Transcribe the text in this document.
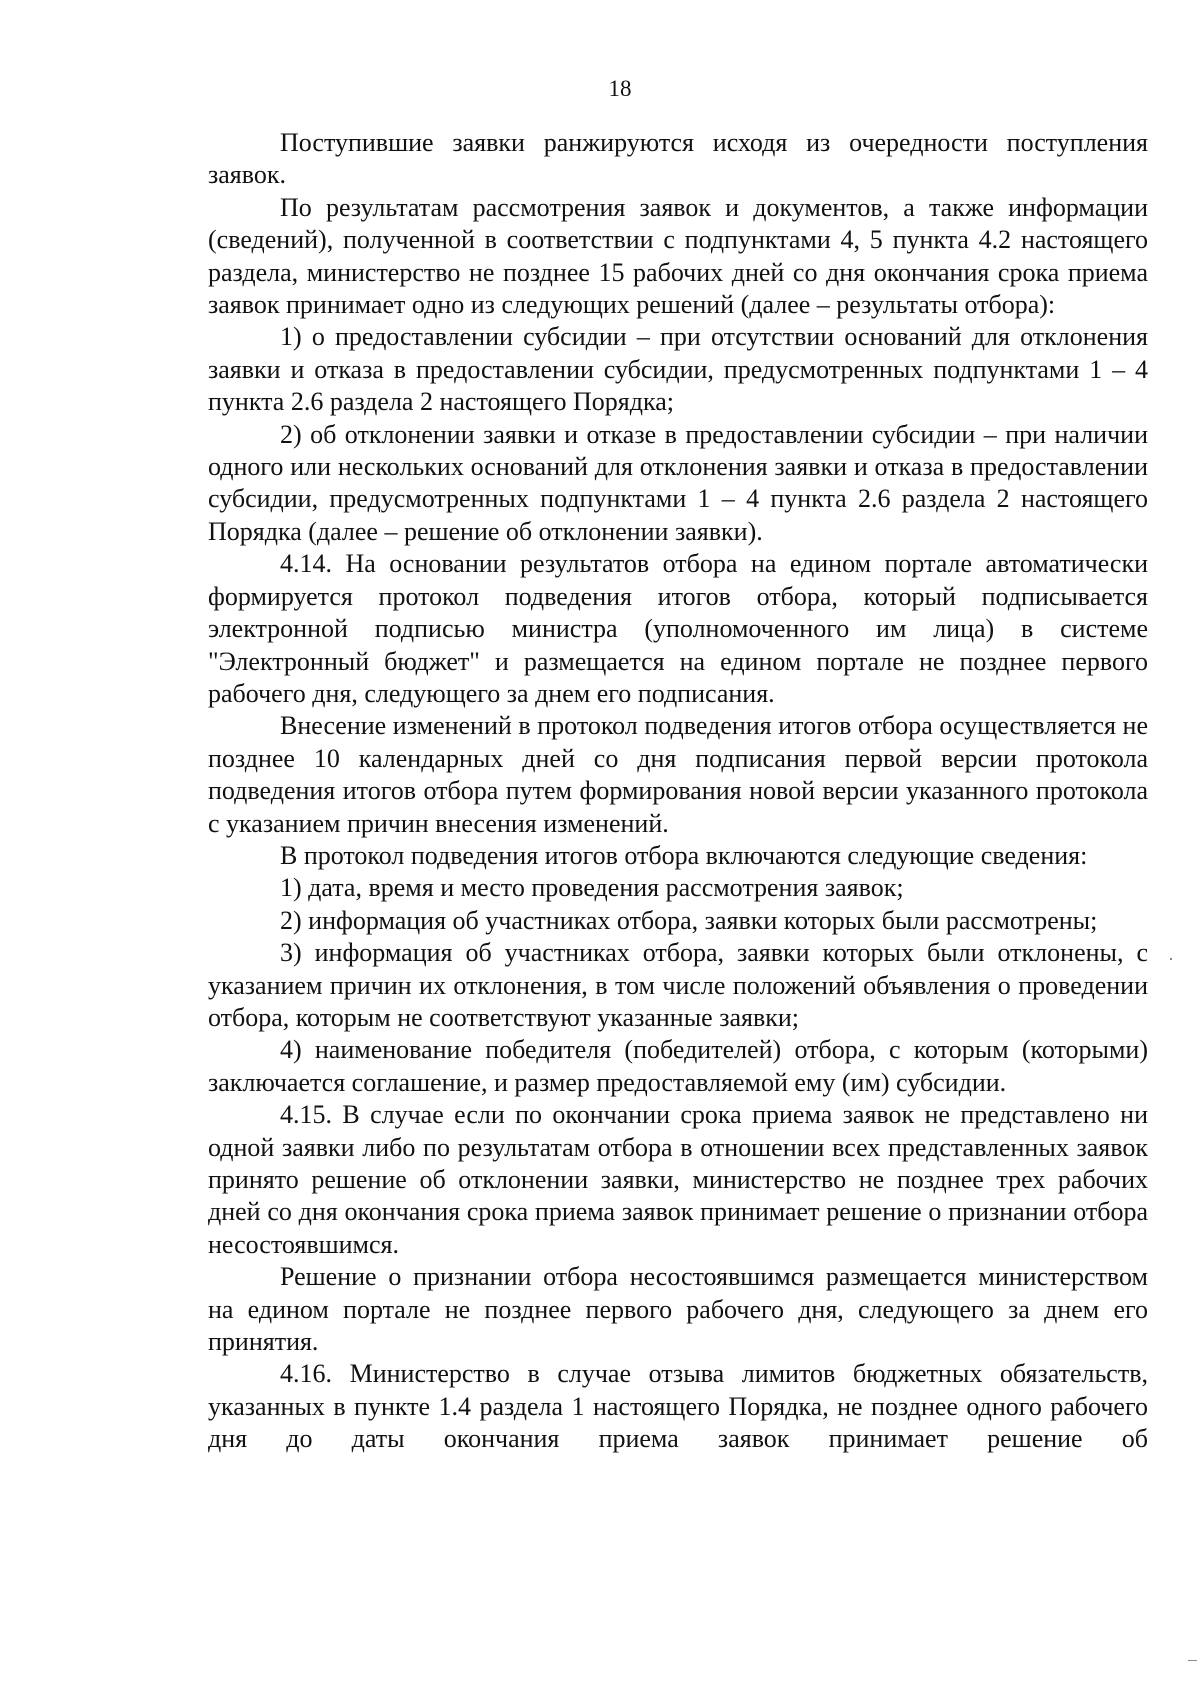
18

Поступившие заявки ранжируются исходя из очередности поступления заявок.

По результатам рассмотрения заявок и документов, а также информации (сведений), полученной в соответствии с подпунктами 4, 5 пункта 4.2 настоящего раздела, министерство не позднее 15 рабочих дней со дня окончания срока приема заявок принимает одно из следующих решений (далее – результаты отбора):

1) о предоставлении субсидии – при отсутствии оснований для отклонения заявки и отказа в предоставлении субсидии, предусмотренных подпунктами 1 – 4 пункта 2.6 раздела 2 настоящего Порядка;

2) об отклонении заявки и отказе в предоставлении субсидии – при наличии одного или нескольких оснований для отклонения заявки и отказа в предоставлении субсидии, предусмотренных подпунктами 1 – 4 пункта 2.6 раздела 2 настоящего Порядка (далее – решение об отклонении заявки).

4.14. На основании результатов отбора на едином портале автоматически формируется протокол подведения итогов отбора, который подписывается электронной подписью министра (уполномоченного им лица) в системе "Электронный бюджет" и размещается на едином портале не позднее первого рабочего дня, следующего за днем его подписания.

Внесение изменений в протокол подведения итогов отбора осуществляется не позднее 10 календарных дней со дня подписания первой версии протокола подведения итогов отбора путем формирования новой версии указанного протокола с указанием причин внесения изменений.

В протокол подведения итогов отбора включаются следующие сведения:

1) дата, время и место проведения рассмотрения заявок;

2) информация об участниках отбора, заявки которых были рассмотрены;

3) информация об участниках отбора, заявки которых были отклонены, с указанием причин их отклонения, в том числе положений объявления о проведении отбора, которым не соответствуют указанные заявки;

4) наименование победителя (победителей) отбора, с которым (которыми) заключается соглашение, и размер предоставляемой ему (им) субсидии.

4.15. В случае если по окончании срока приема заявок не представлено ни одной заявки либо по результатам отбора в отношении всех представленных заявок принято решение об отклонении заявки, министерство не позднее трех рабочих дней со дня окончания срока приема заявок принимает решение о признании отбора несостоявшимся.

Решение о признании отбора несостоявшимся размещается министерством на едином портале не позднее первого рабочего дня, следующего за днем его принятия.

4.16. Министерство в случае отзыва лимитов бюджетных обязательств, указанных в пункте 1.4 раздела 1 настоящего Порядка, не позднее одного рабочего дня до даты окончания приема заявок принимает решение об
